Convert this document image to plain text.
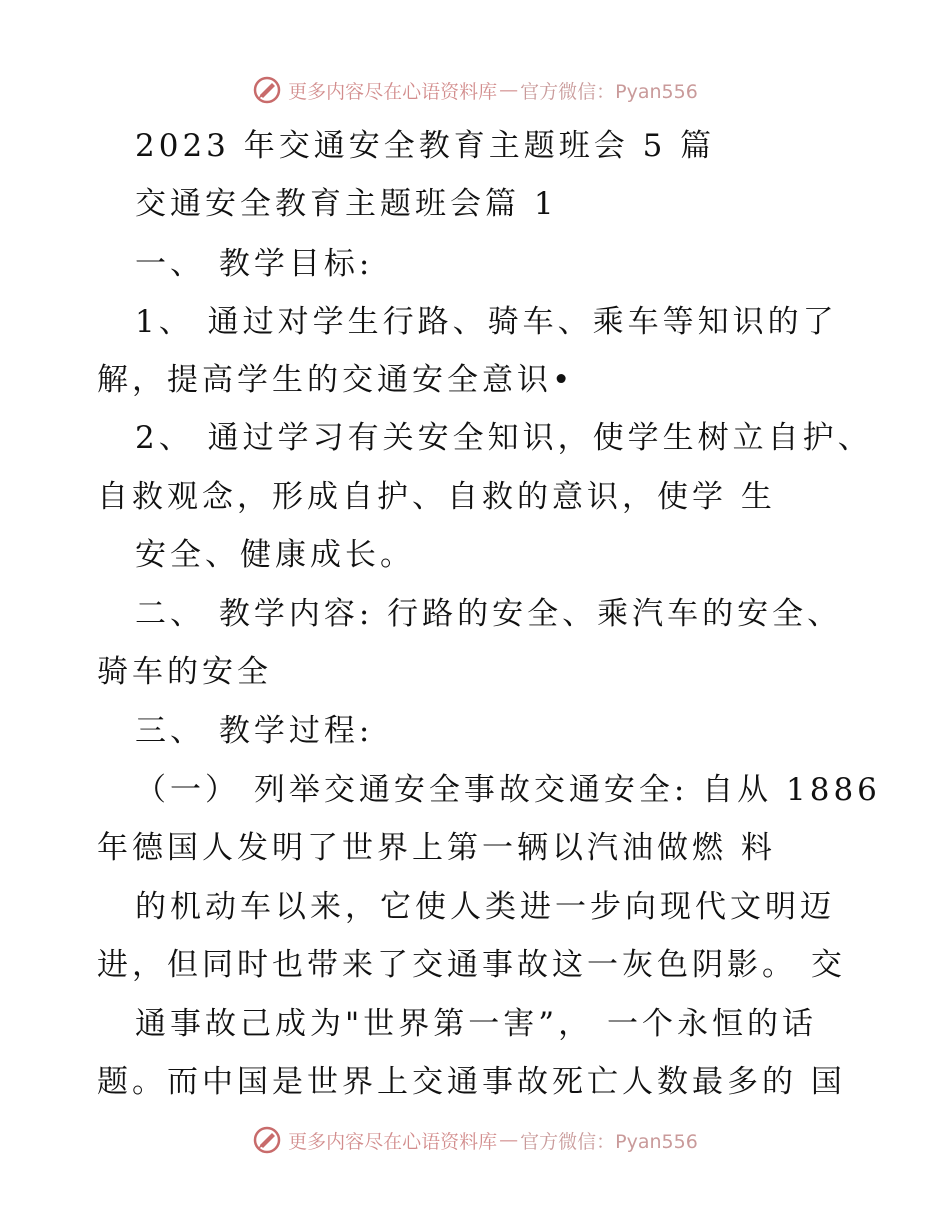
更多内容尽在心语资料库 — 官方微信：Pyan556
2023 年交通安全教育主题班会 5 篇
交通安全教育主题班会篇 1
一、 教学目标:
1、 通过对学生行路、骑车、乘车等知识的了
解，提高学生的交通安全意识•
2、 通过学习有关安全知识，使学生树立自护、
自救观念，形成自护、自救的意识，使学 生
安全、健康成长。
二、 教学内容: 行路的安全、乘汽车的安全、
骑车的安全
三、 教学过程:
（一） 列举交通安全事故交通安全: 自从 1886
年德国人发明了世界上第一辆以汽油做燃 料
的机动车以来，它使人类进一步向现代文明迈
进，但同时也带来了交通事故这一灰色阴影。 交
通事故己成为"世界第一害”， 一个永恒的话
题。而中国是世界上交通事故死亡人数最多的 国
更多内容尽在心语资料库 — 官方微信：Pyan556
